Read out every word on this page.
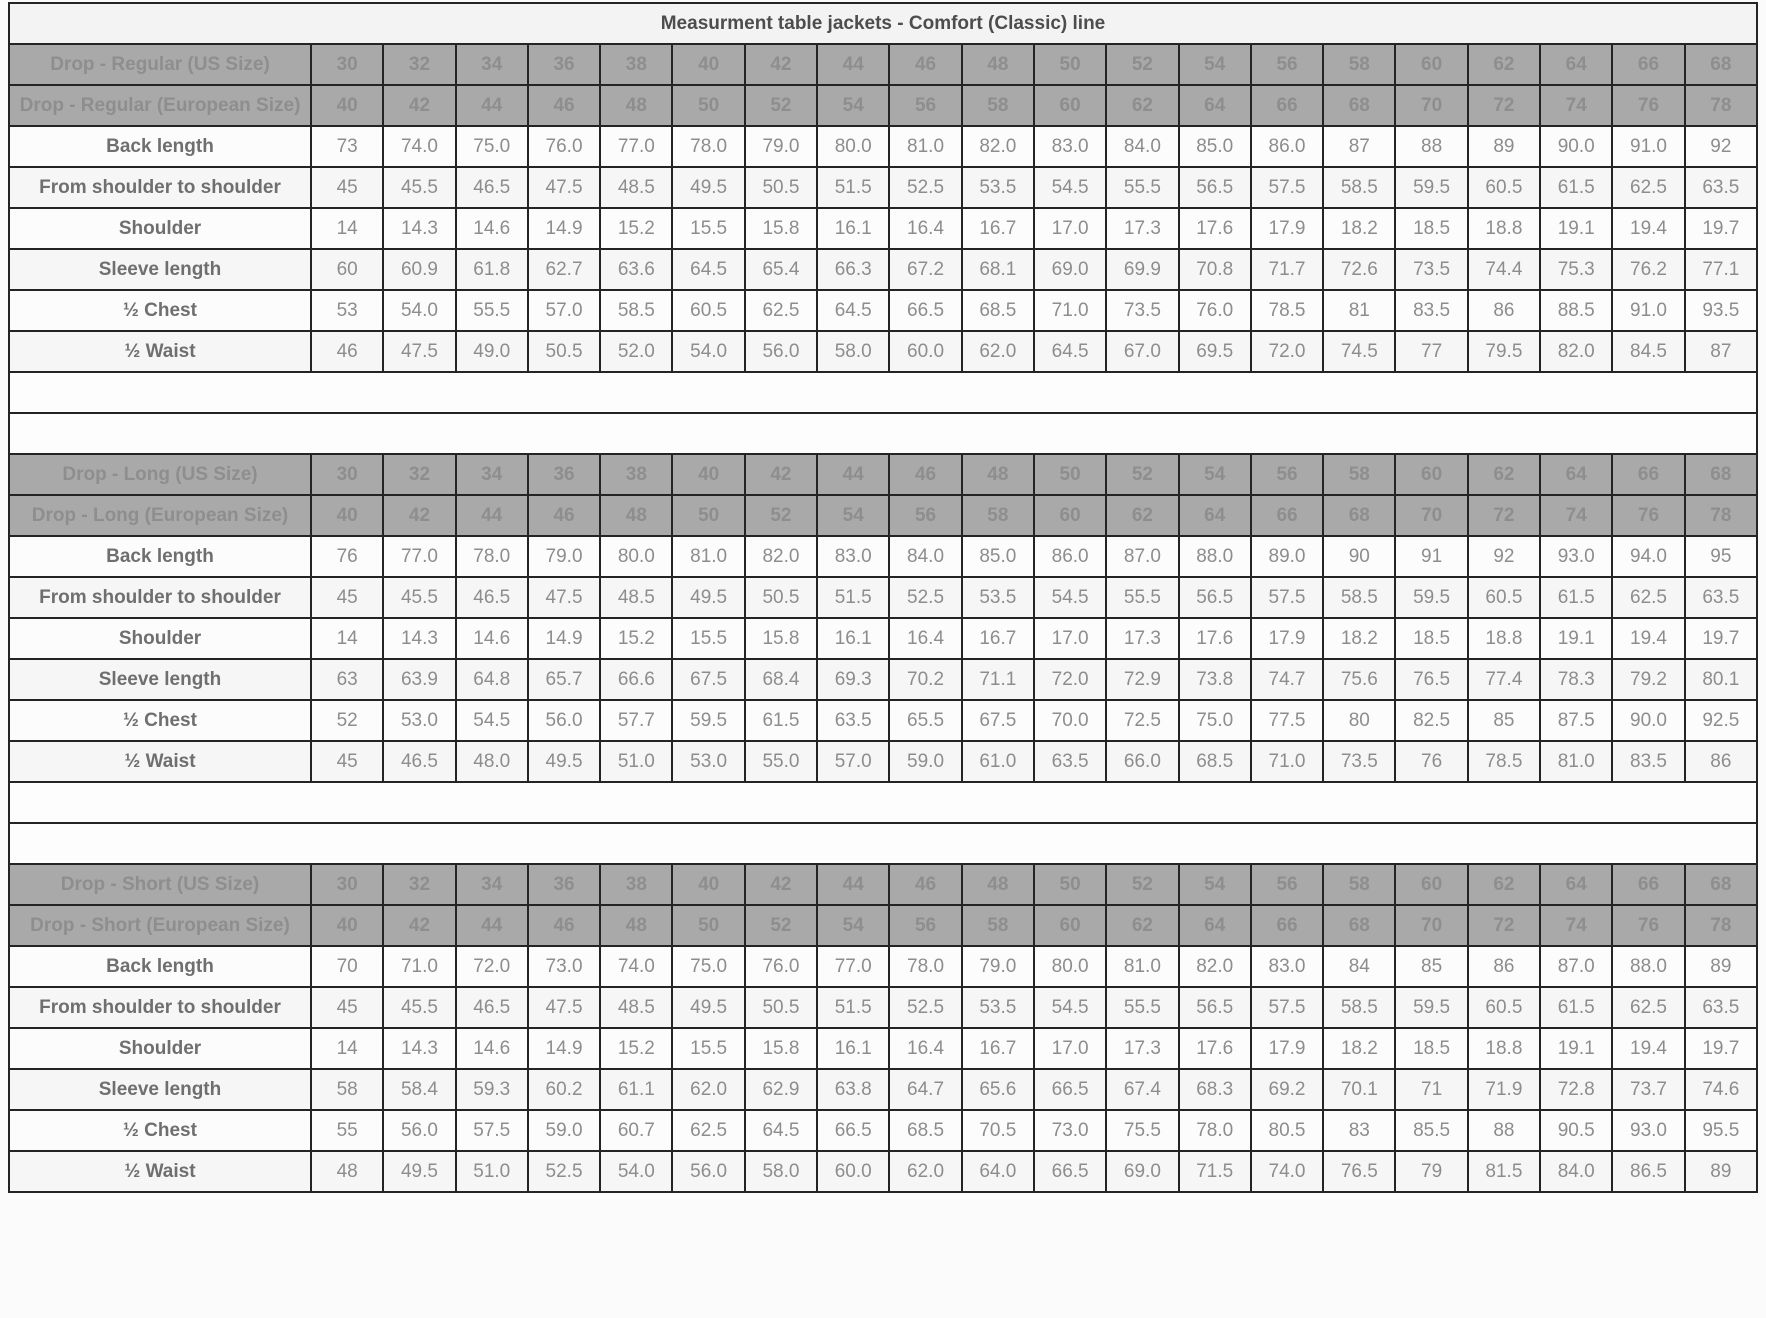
Measurment table jackets - Comfort (Classic) line																				
Drop - Regular (US Size)	30	32	34	36	38	40	42	44	46	48	50	52	54	56	58	60	62	64	66	68
Drop - Regular (European Size)	40	42	44	46	48	50	52	54	56	58	60	62	64	66	68	70	72	74	76	78
Back length	73	74.0	75.0	76.0	77.0	78.0	79.0	80.0	81.0	82.0	83.0	84.0	85.0	86.0	87	88	89	90.0	91.0	92
From shoulder to shoulder	45	45.5	46.5	47.5	48.5	49.5	50.5	51.5	52.5	53.5	54.5	55.5	56.5	57.5	58.5	59.5	60.5	61.5	62.5	63.5
Shoulder	14	14.3	14.6	14.9	15.2	15.5	15.8	16.1	16.4	16.7	17.0	17.3	17.6	17.9	18.2	18.5	18.8	19.1	19.4	19.7
Sleeve length	60	60.9	61.8	62.7	63.6	64.5	65.4	66.3	67.2	68.1	69.0	69.9	70.8	71.7	72.6	73.5	74.4	75.3	76.2	77.1
½ Chest	53	54.0	55.5	57.0	58.5	60.5	62.5	64.5	66.5	68.5	71.0	73.5	76.0	78.5	81	83.5	86	88.5	91.0	93.5
½ Waist	46	47.5	49.0	50.5	52.0	54.0	56.0	58.0	60.0	62.0	64.5	67.0	69.5	72.0	74.5	77	79.5	82.0	84.5	87

Drop - Long (US Size)	30	32	34	36	38	40	42	44	46	48	50	52	54	56	58	60	62	64	66	68
Drop - Long (European Size)	40	42	44	46	48	50	52	54	56	58	60	62	64	66	68	70	72	74	76	78
Back length	76	77.0	78.0	79.0	80.0	81.0	82.0	83.0	84.0	85.0	86.0	87.0	88.0	89.0	90	91	92	93.0	94.0	95
From shoulder to shoulder	45	45.5	46.5	47.5	48.5	49.5	50.5	51.5	52.5	53.5	54.5	55.5	56.5	57.5	58.5	59.5	60.5	61.5	62.5	63.5
Shoulder	14	14.3	14.6	14.9	15.2	15.5	15.8	16.1	16.4	16.7	17.0	17.3	17.6	17.9	18.2	18.5	18.8	19.1	19.4	19.7
Sleeve length	63	63.9	64.8	65.7	66.6	67.5	68.4	69.3	70.2	71.1	72.0	72.9	73.8	74.7	75.6	76.5	77.4	78.3	79.2	80.1
½ Chest	52	53.0	54.5	56.0	57.7	59.5	61.5	63.5	65.5	67.5	70.0	72.5	75.0	77.5	80	82.5	85	87.5	90.0	92.5
½ Waist	45	46.5	48.0	49.5	51.0	53.0	55.0	57.0	59.0	61.0	63.5	66.0	68.5	71.0	73.5	76	78.5	81.0	83.5	86

Drop - Short (US Size)	30	32	34	36	38	40	42	44	46	48	50	52	54	56	58	60	62	64	66	68
Drop - Short (European Size)	40	42	44	46	48	50	52	54	56	58	60	62	64	66	68	70	72	74	76	78
Back length	70	71.0	72.0	73.0	74.0	75.0	76.0	77.0	78.0	79.0	80.0	81.0	82.0	83.0	84	85	86	87.0	88.0	89
From shoulder to shoulder	45	45.5	46.5	47.5	48.5	49.5	50.5	51.5	52.5	53.5	54.5	55.5	56.5	57.5	58.5	59.5	60.5	61.5	62.5	63.5
Shoulder	14	14.3	14.6	14.9	15.2	15.5	15.8	16.1	16.4	16.7	17.0	17.3	17.6	17.9	18.2	18.5	18.8	19.1	19.4	19.7
Sleeve length	58	58.4	59.3	60.2	61.1	62.0	62.9	63.8	64.7	65.6	66.5	67.4	68.3	69.2	70.1	71	71.9	72.8	73.7	74.6
½ Chest	55	56.0	57.5	59.0	60.7	62.5	64.5	66.5	68.5	70.5	73.0	75.5	78.0	80.5	83	85.5	88	90.5	93.0	95.5
½ Waist	48	49.5	51.0	52.5	54.0	56.0	58.0	60.0	62.0	64.0	66.5	69.0	71.5	74.0	76.5	79	81.5	84.0	86.5	89
